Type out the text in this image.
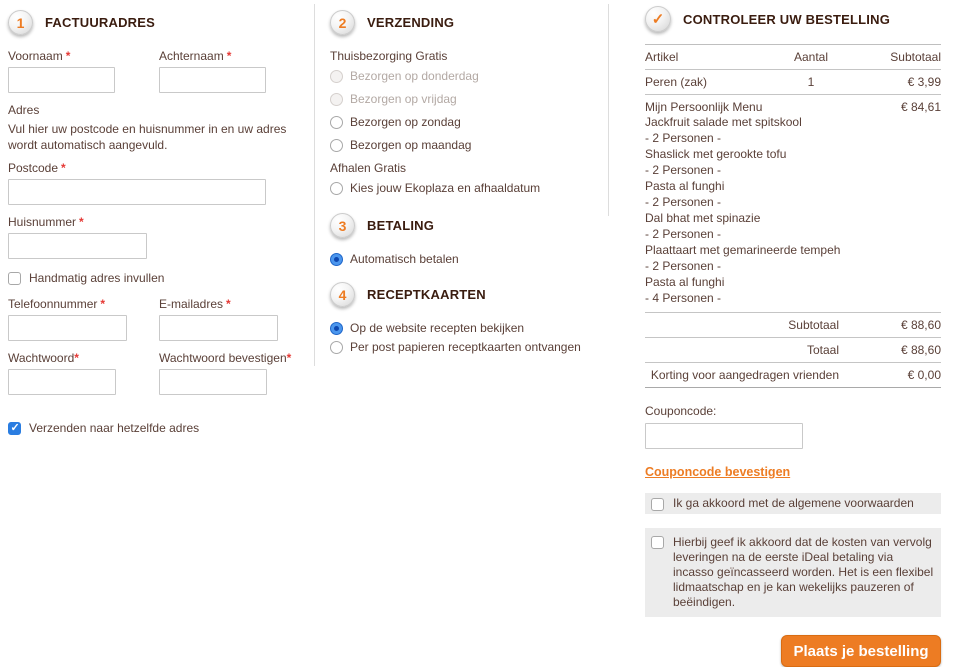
1	FACTUURADRES
Voornaam *	Achternaam *
Adres
Vul hier uw postcode en huisnummer in en uw adres wordt automatisch aangevuld.
Postcode *
Huisnummer *
Handmatig adres invullen
Telefoonnummer *	E-mailadres *
Wachtwoord*	Wachtwoord bevestigen*
✓
Verzenden naar hetzelfde adres
2	VERZENDING
Thuisbezorging Gratis
Bezorgen op donderdag
Bezorgen op vrijdag
Bezorgen op zondag
Bezorgen op maandag
Afhalen Gratis
Kies jouw Ekoplaza en afhaaldatum
3	BETALING
Automatisch betalen
4	RECEPTKAARTEN
Op de website recepten bekijken
Per post papieren receptkaarten ontvangen
✓	CONTROLEER UW BESTELLING
Artikel	Aantal	Subtotaal
Peren (zak)	1	€ 3,99
Mijn Persoonlijk Menu	€ 84,61
Jackfruit salade met spitskool
- 2 Personen -
Shaslick met gerookte tofu
- 2 Personen -
Pasta al funghi
- 2 Personen -
Dal bhat met spinazie
- 2 Personen -
Plaattaart met gemarineerde tempeh
- 2 Personen -
Pasta al funghi
- 4 Personen -
Subtotaal	€ 88,60
Totaal	€ 88,60
Korting voor aangedragen vrienden	€ 0,00
Couponcode:
Couponcode bevestigen
Ik ga akkoord met de algemene voorwaarden
Hierbij geef ik akkoord dat de kosten van vervolg leveringen na de eerste iDeal betaling via incasso geïncasseerd worden. Het is een flexibel lidmaatschap en je kan wekelijks pauzeren of beëindigen.
Plaats je bestelling
